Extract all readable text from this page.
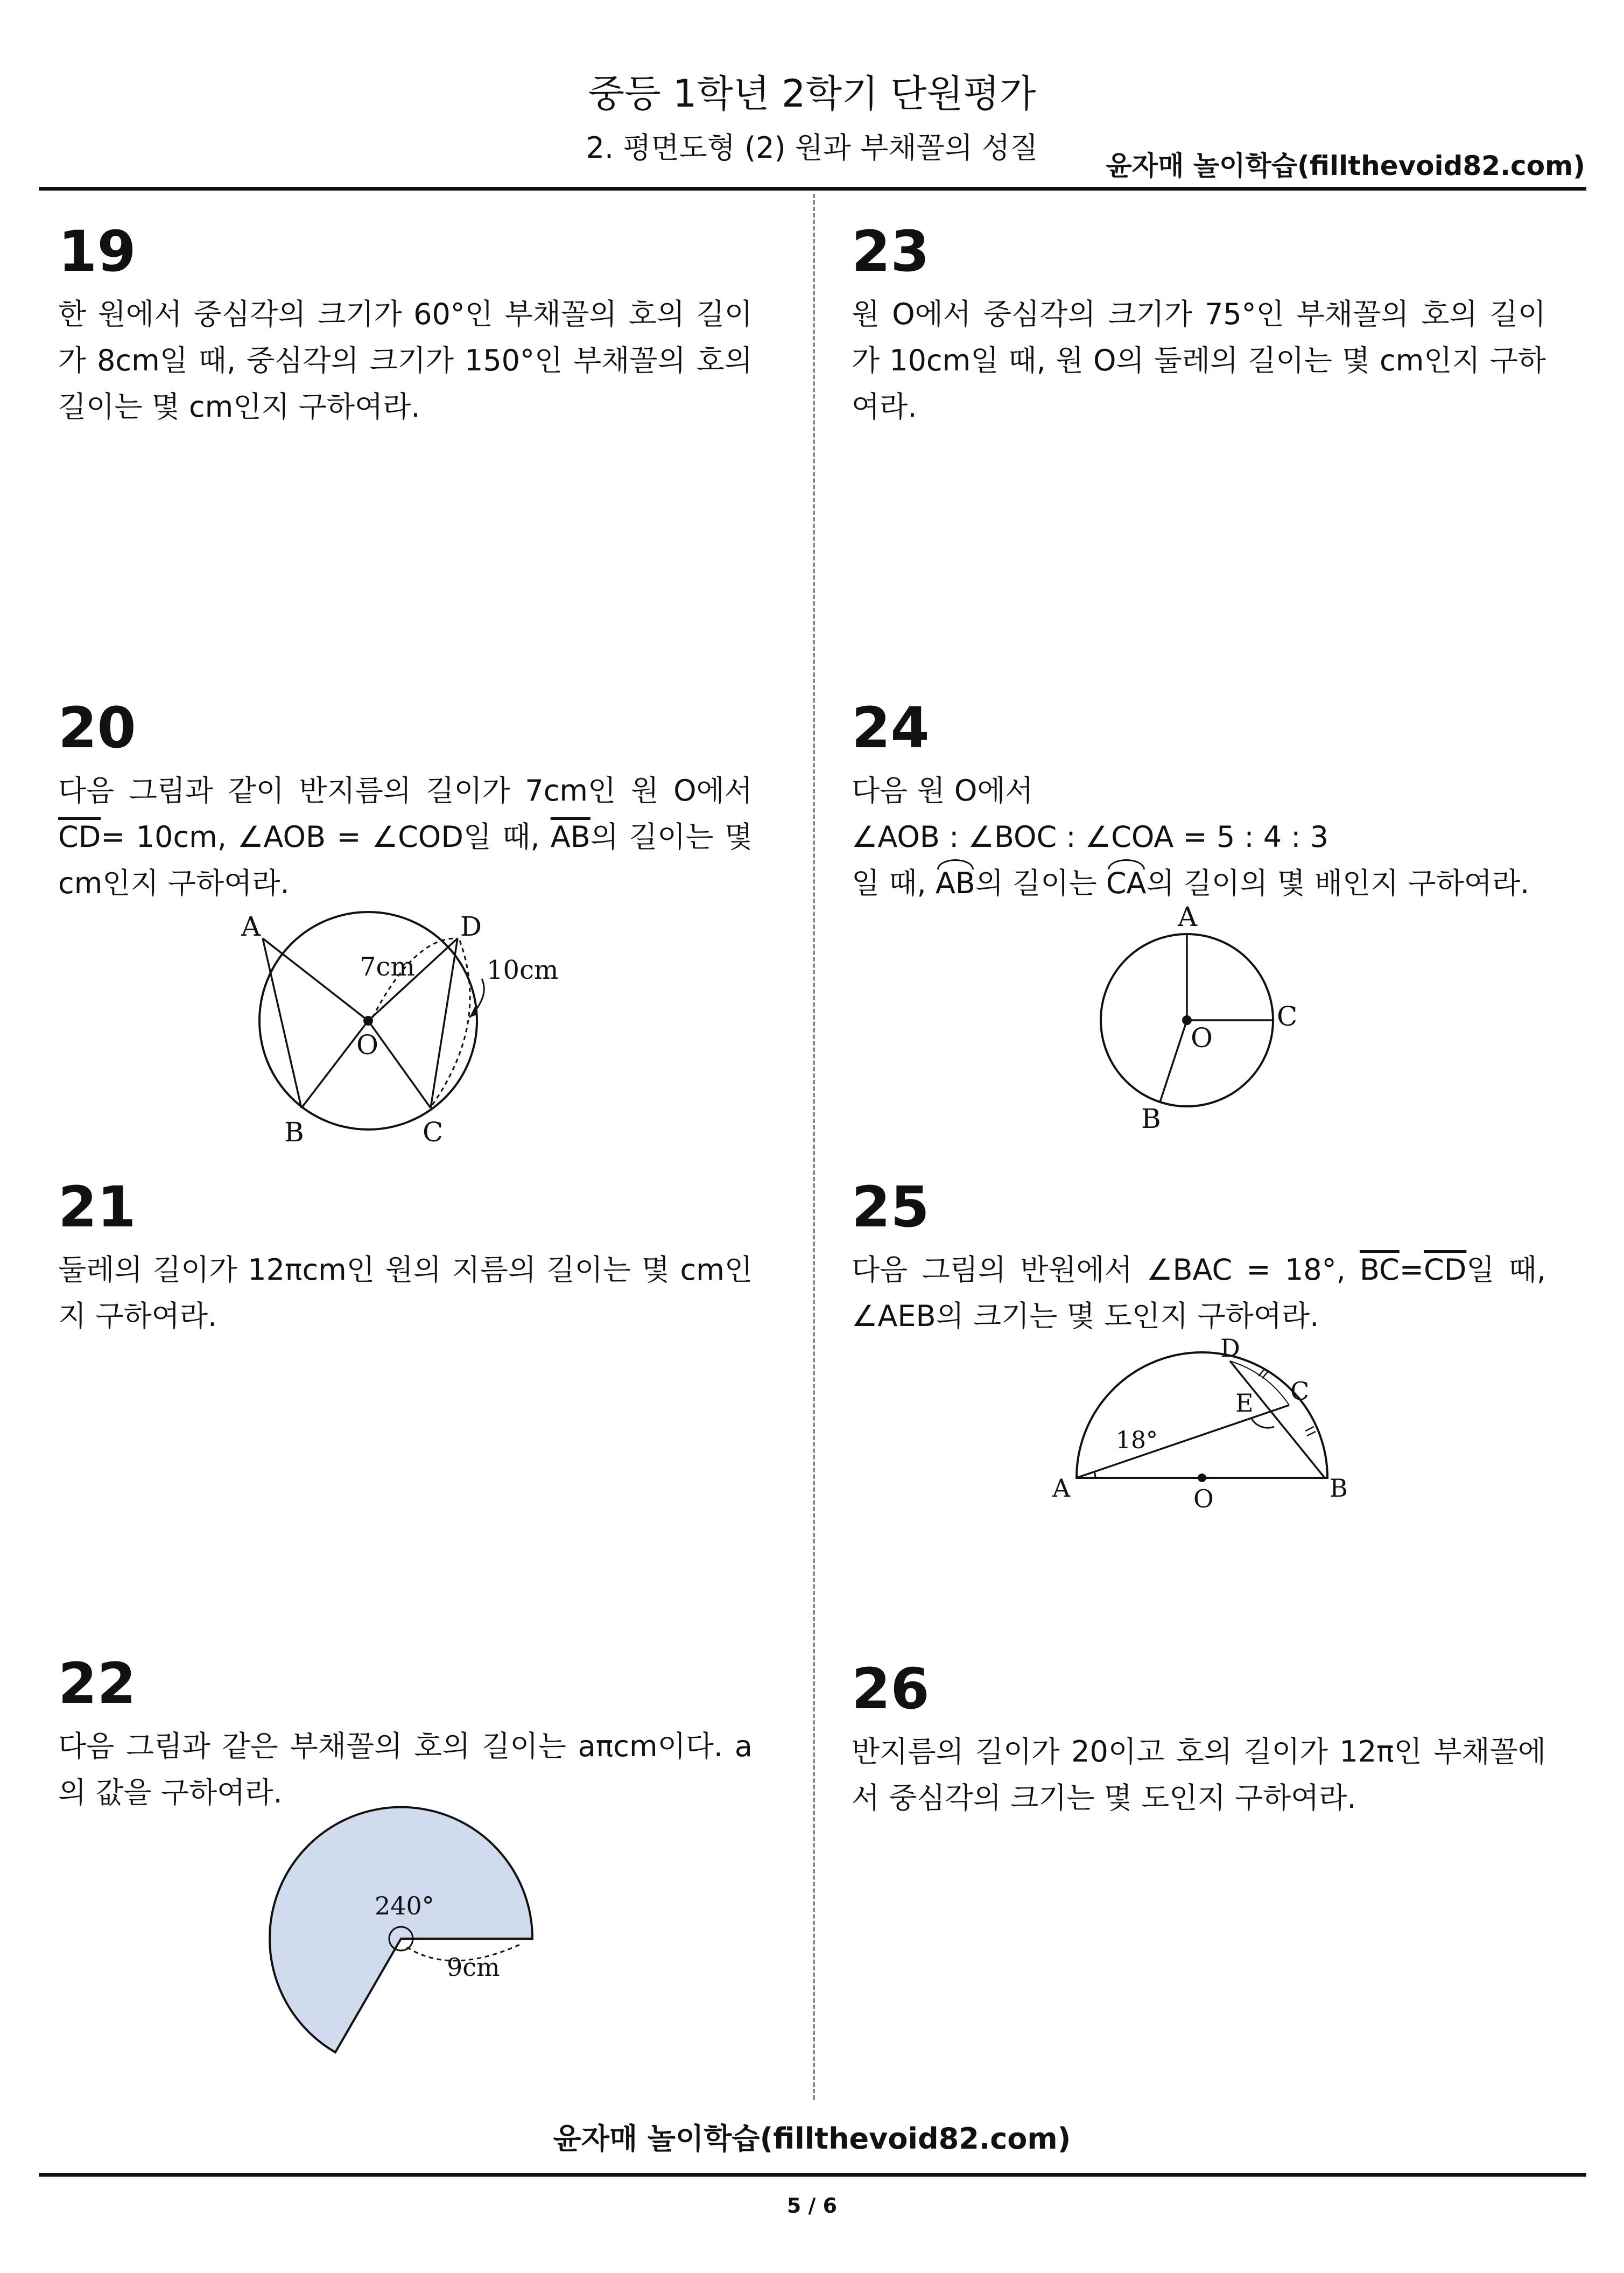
중등 1학년 2학기 단원평가
2. 평면도형 (2) 원과 부채꼴의 성질
윤자매 놀이학습(fillthevoid82.com)
19
한 원에서 중심각의 크기가 60°인 부채꼴의 호의 길이가 8cm일 때, 중심각의 크기가 150°인 부채꼴의 호의 길이는 몇 cm인지 구하여라.
20
다음 그림과 같이 반지름의 길이가 7cm인 원 O에서 $\overline{CD}= 10cm$, ∠AOB = ∠COD일 때, $\overline{AB}$의 길이는 몇 cm인지 구하여라.
A	D
B	C
O
7cm	10cm
21
둘레의 길이가 12πcm인 원의 지름의 길이는 몇 cm인지 구하여라.
22
다음 그림과 같은 부채꼴의 호의 길이는 aπcm이다. a의 값을 구하여라.
240°
9cm
23
원 O에서 중심각의 크기가 75°인 부채꼴의 호의 길이가 10cm일 때, 원 O의 둘레의 길이는 몇 cm인지 구하여라.
24
다음 원 O에서
∠AOB : ∠BOC : ∠COA = 5 : 4 : 3
일 때, AB의 길이는 CA의 길이의 몇 배인지 구하여라.
A
C
O
B
25
다음 그림의 반원에서 ∠BAC = 18°, $\overline{BC}=\overline{CD}$일 때, ∠AEB의 크기는 몇 도인지 구하여라.
D
C
E
A	B
O
18°
26
반지름의 길이가 20이고 호의 길이가 12π인 부채꼴에서 중심각의 크기는 몇 도인지 구하여라.
윤자매 놀이학습(fillthevoid82.com)
5 / 6
